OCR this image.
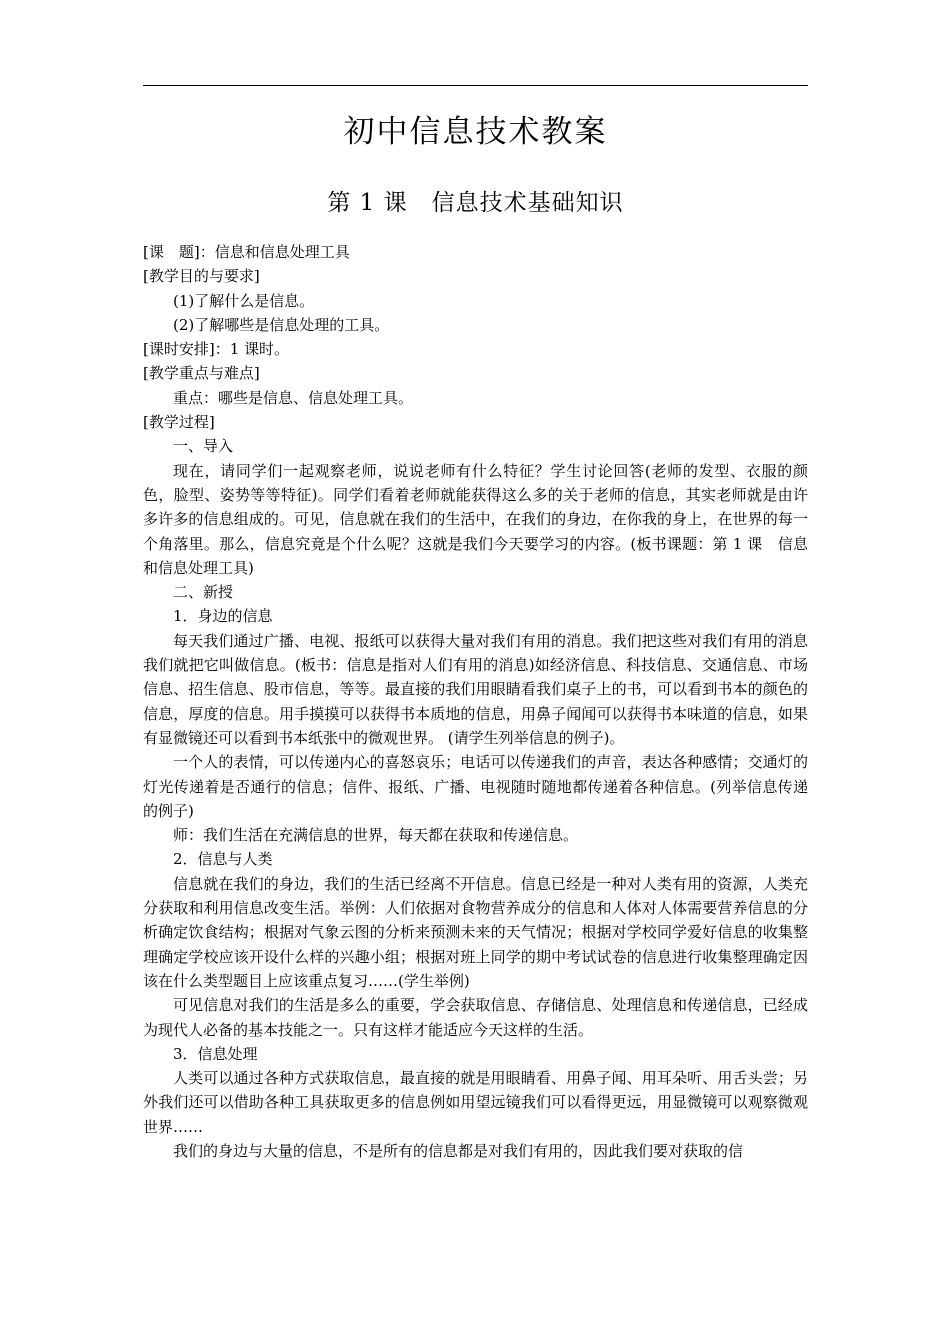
初中信息技术教案
第 1 课　信息技术基础知识

[课　题]：信息和信息处理工具

[教学目的与要求]

(1)了解什么是信息。

(2)了解哪些是信息处理的工具。

[课时安排]：1 课时。

[教学重点与难点]

重点：哪些是信息、信息处理工具。

[教学过程]

一、导入

现在，请同学们一起观察老师，说说老师有什么特征？学生讨论回答(老师的发型、衣服的颜色，脸型、姿势等等特征)。同学们看着老师就能获得这么多的关于老师的信息，其实老师就是由许多许多的信息组成的。可见，信息就在我们的生活中，在我们的身边，在你我的身上，在世界的每一个角落里。那么，信息究竟是个什么呢？这就是我们今天要学习的内容。(板书课题：第 1 课　信息和信息处理工具)

二、新授

1．身边的信息

每天我们通过广播、电视、报纸可以获得大量对我们有用的消息。我们把这些对我们有用的消息我们就把它叫做信息。(板书：信息是指对人们有用的消息)如经济信息、科技信息、交通信息、市场信息、招生信息、股市信息，等等。最直接的我们用眼睛看我们桌子上的书，可以看到书本的颜色的信息，厚度的信息。用手摸摸可以获得书本质地的信息，用鼻子闻闻可以获得书本味道的信息，如果有显微镜还可以看到书本纸张中的微观世界。 (请学生列举信息的例子)。

一个人的表情，可以传递内心的喜怒哀乐；电话可以传递我们的声音，表达各种感情；交通灯的灯光传递着是否通行的信息；信件、报纸、广播、电视随时随地都传递着各种信息。(列举信息传递的例子)

师：我们生活在充满信息的世界，每天都在获取和传递信息。

2．信息与人类

信息就在我们的身边，我们的生活已经离不开信息。信息已经是一种对人类有用的资源，人类充分获取和利用信息改变生活。举例：人们依据对食物营养成分的信息和人体对人体需要营养信息的分析确定饮食结构；根据对气象云图的分析来预测未来的天气情况；根据对学校同学爱好信息的收集整理确定学校应该开设什么样的兴趣小组；根据对班上同学的期中考试试卷的信息进行收集整理确定因该在什么类型题目上应该重点复习……(学生举例)

可见信息对我们的生活是多么的重要，学会获取信息、存储信息、处理信息和传递信息，已经成为现代人必备的基本技能之一。只有这样才能适应今天这样的生活。

3．信息处理

人类可以通过各种方式获取信息，最直接的就是用眼睛看、用鼻子闻、用耳朵听、用舌头尝；另外我们还可以借助各种工具获取更多的信息例如用望远镜我们可以看得更远，用显微镜可以观察微观世界……

我们的身边与大量的信息，不是所有的信息都是对我们有用的，因此我们要对获取的信
